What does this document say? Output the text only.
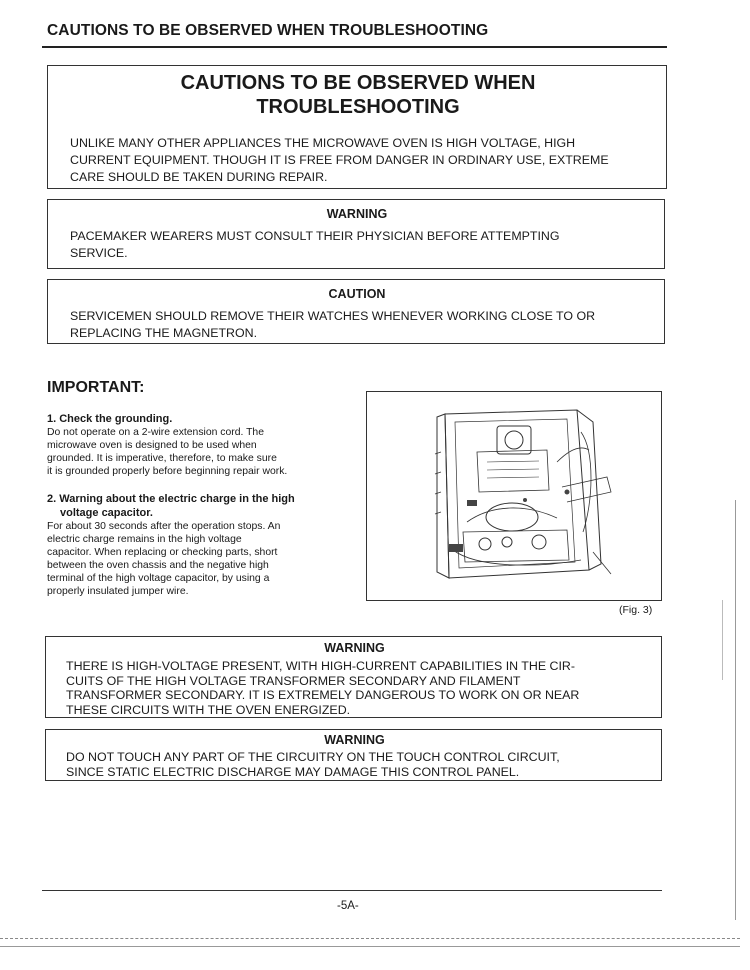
CAUTIONS TO BE OBSERVED WHEN TROUBLESHOOTING
CAUTIONS TO BE OBSERVED WHEN
TROUBLESHOOTING
UNLIKE MANY OTHER APPLIANCES THE MICROWAVE OVEN IS HIGH VOLTAGE, HIGH
CURRENT EQUIPMENT. THOUGH IT IS FREE FROM DANGER IN ORDINARY USE, EXTREME
CARE SHOULD BE TAKEN DURING REPAIR.
WARNING
PACEMAKER WEARERS MUST CONSULT THEIR PHYSICIAN BEFORE ATTEMPTING
SERVICE.
CAUTION
SERVICEMEN SHOULD REMOVE THEIR WATCHES WHENEVER WORKING CLOSE TO OR
REPLACING THE MAGNETRON.
IMPORTANT:
1. Check the grounding.
Do not operate on a 2-wire extension cord. The
microwave oven is designed to be used when
grounded. It is imperative, therefore, to make sure
it is grounded properly before beginning repair work.
2. Warning about the electric charge in the high
voltage capacitor.
For about 30 seconds after the operation stops. An
electric charge remains in the high voltage
capacitor. When replacing or checking parts, short
between the oven chassis and the negative high
terminal of the high voltage capacitor, by using a
properly insulated jumper wire.
(Fig. 3)
WARNING
THERE IS HIGH-VOLTAGE PRESENT, WITH HIGH-CURRENT CAPABILITIES IN THE CIR-
CUITS OF THE HIGH VOLTAGE TRANSFORMER SECONDARY AND FILAMENT
TRANSFORMER SECONDARY. IT IS EXTREMELY DANGEROUS TO WORK ON OR NEAR
THESE CIRCUITS WITH THE OVEN ENERGIZED.
WARNING
DO NOT TOUCH ANY PART OF THE CIRCUITRY ON THE TOUCH CONTROL CIRCUIT,
SINCE STATIC ELECTRIC DISCHARGE MAY DAMAGE THIS CONTROL PANEL.
-5A-
